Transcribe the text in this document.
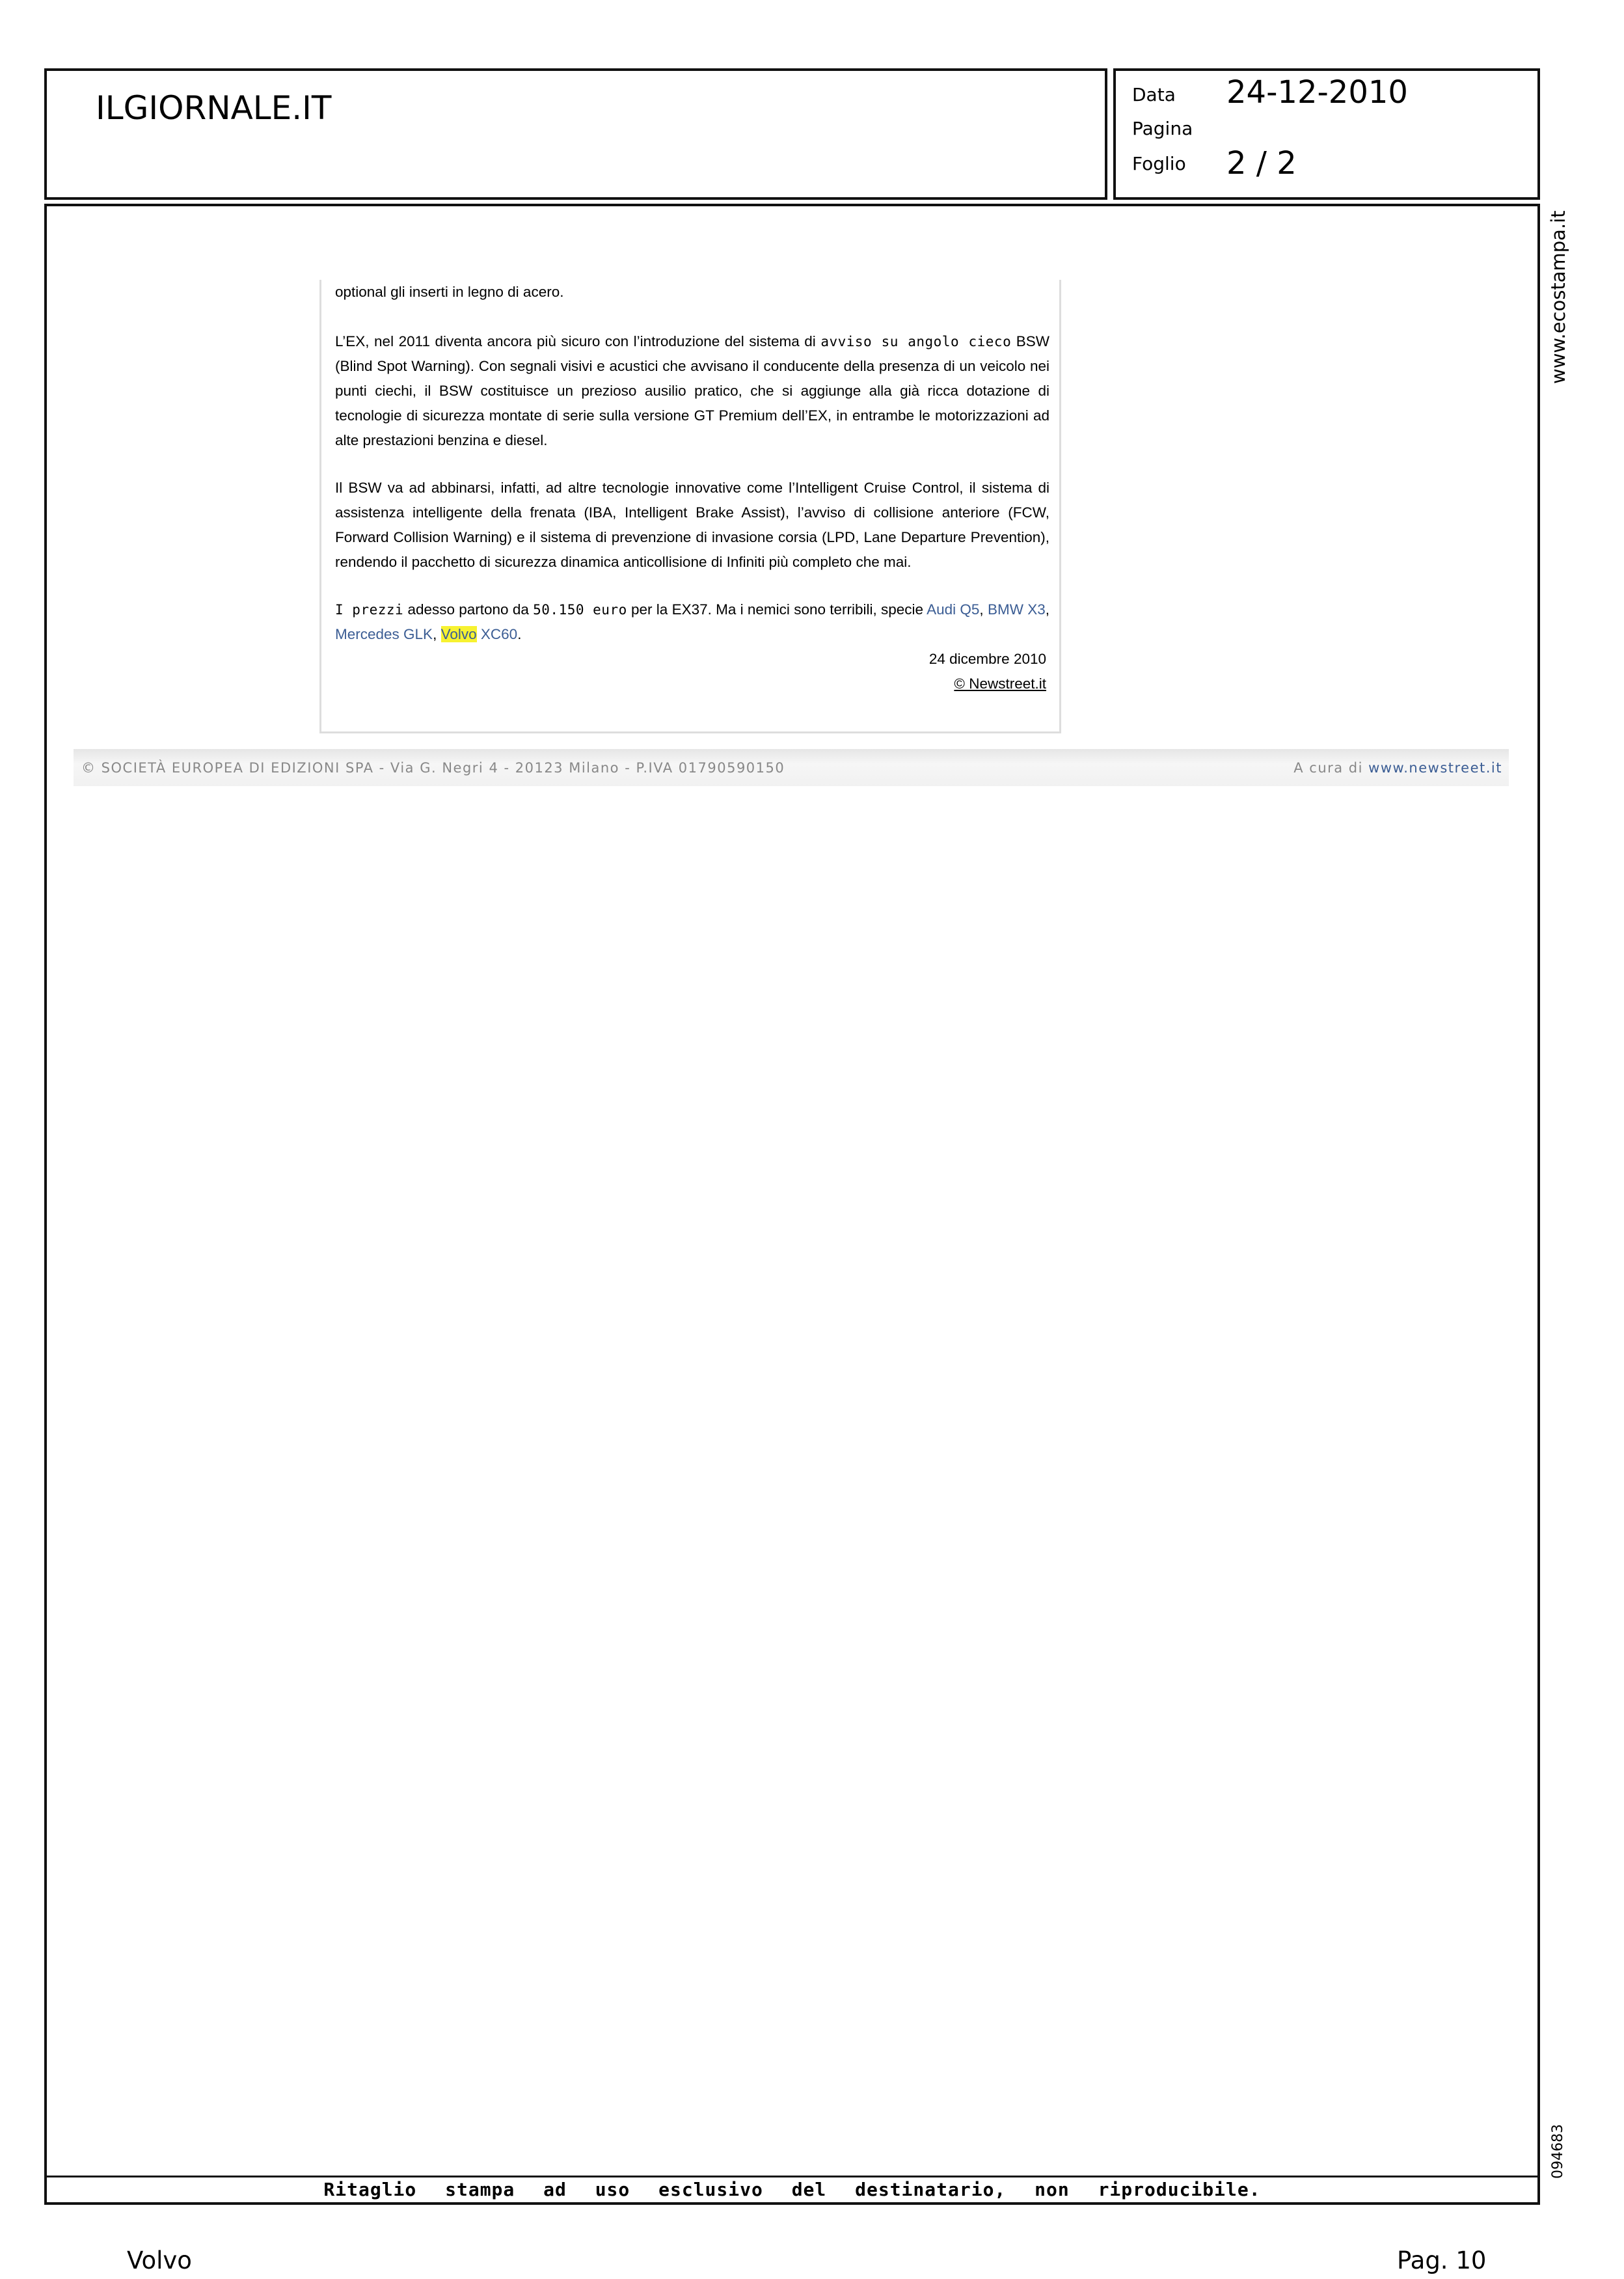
ILGIORNALE.IT	Data 24-12-2010
Pagina
Foglio 2 / 2
www.ecostampa.it
094683
optional gli inserti in legno di acero.
L’EX, nel 2011 diventa ancora più sicuro con l’introduzione del sistema di avviso su angolo cieco BSW (Blind Spot Warning). Con segnali visivi e acustici che avvisano il conducente della presenza di un veicolo nei punti ciechi, il BSW costituisce un prezioso ausilio pratico, che si aggiunge alla già ricca dotazione di tecnologie di sicurezza montate di serie sulla versione GT Premium dell’EX, in entrambe le motorizzazioni ad alte prestazioni benzina e diesel.
Il BSW va ad abbinarsi, infatti, ad altre tecnologie innovative come l’Intelligent Cruise Control, il sistema di assistenza intelligente della frenata (IBA, Intelligent Brake Assist), l’avviso di collisione anteriore (FCW, Forward Collision Warning) e il sistema di prevenzione di invasione corsia (LPD, Lane Departure Prevention), rendendo il pacchetto di sicurezza dinamica anticollisione di Infiniti più completo che mai.
I prezzi adesso partono da 50.150 euro per la EX37. Ma i nemici sono terribili, specie Audi Q5, BMW X3, Mercedes GLK, Volvo XC60.
24 dicembre 2010
© Newstreet.it
© SOCIETÀ EUROPEA DI EDIZIONI SPA - Via G. Negri 4 - 20123 Milano - P.IVA 01790590150	A cura di www.newstreet.it
Ritaglio stampa ad uso esclusivo del destinatario, non riproducibile.
Volvo	Pag. 10
